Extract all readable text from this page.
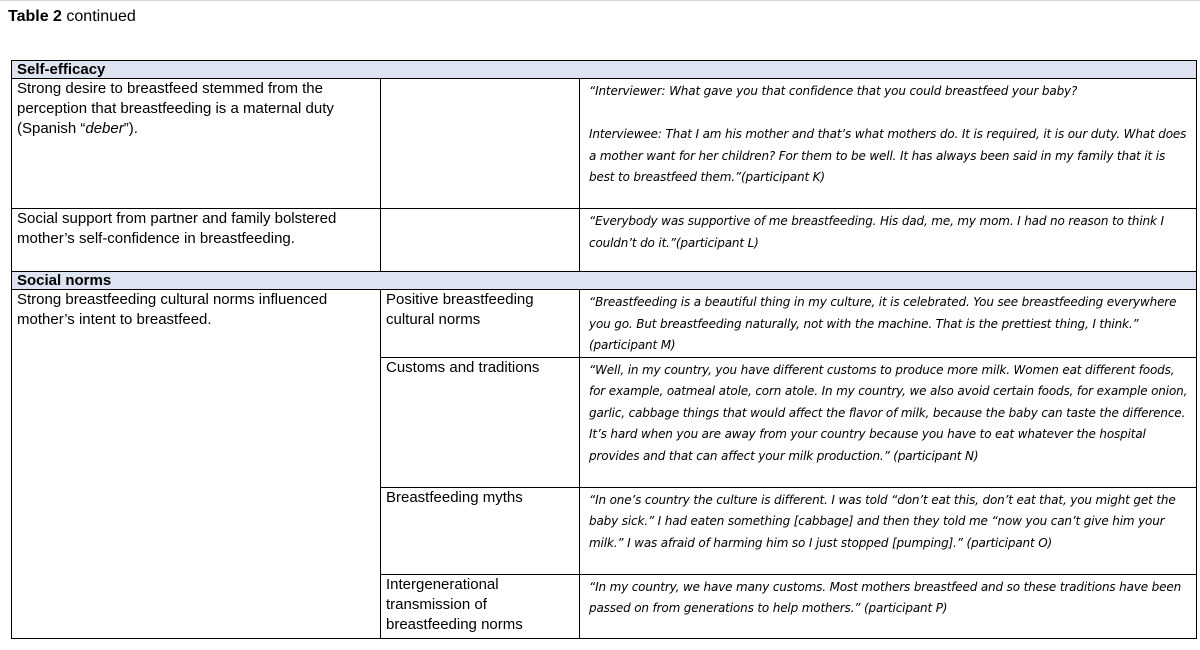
Table 2 continued
Self-efficacy		
Strong desire to breastfeed stemmed from the perception that breastfeeding is a maternal duty (Spanish “deber”).		“Interviewer: What gave you that confidence that you could breastfeed your baby?

Interviewee: That I am his mother and that’s what mothers do. It is required, it is our duty. What does a mother want for her children? For them to be well. It has always been said in my family that it is best to breastfeed them.”(participant K)

Social support from partner and family bolstered mother’s self-confidence in breastfeeding.		“Everybody was supportive of me breastfeeding. His dad, me, my mom. I had no reason to think I couldn’t do it.”(participant L)
Social norms		
Strong breastfeeding cultural norms influenced mother’s intent to breastfeed.	Positive breastfeeding cultural norms	“Breastfeeding is a beautiful thing in my culture, it is celebrated. You see breastfeeding everywhere you go. But breastfeeding naturally, not with the machine. That is the prettiest thing, I think.” (participant M)
	Customs and traditions	“Well, in my country, you have different customs to produce more milk. Women eat different foods, for example, oatmeal atole, corn atole. In my country, we also avoid certain foods, for example onion, garlic, cabbage things that would affect the flavor of milk, because the baby can taste the difference. It’s hard when you are away from your country because you have to eat whatever the hospital provides and that can affect your milk production.” (participant N)
	Breastfeeding myths	“In one’s country the culture is different. I was told “don’t eat this, don’t eat that, you might get the baby sick.” I had eaten something [cabbage] and then they told me “now you can’t give him your milk.” I was afraid of harming him so I just stopped [pumping].” (participant O)
	Intergenerational transmission of breastfeeding norms	“In my country, we have many customs. Most mothers breastfeed and so these traditions have been passed on from generations to help mothers.” (participant P)
